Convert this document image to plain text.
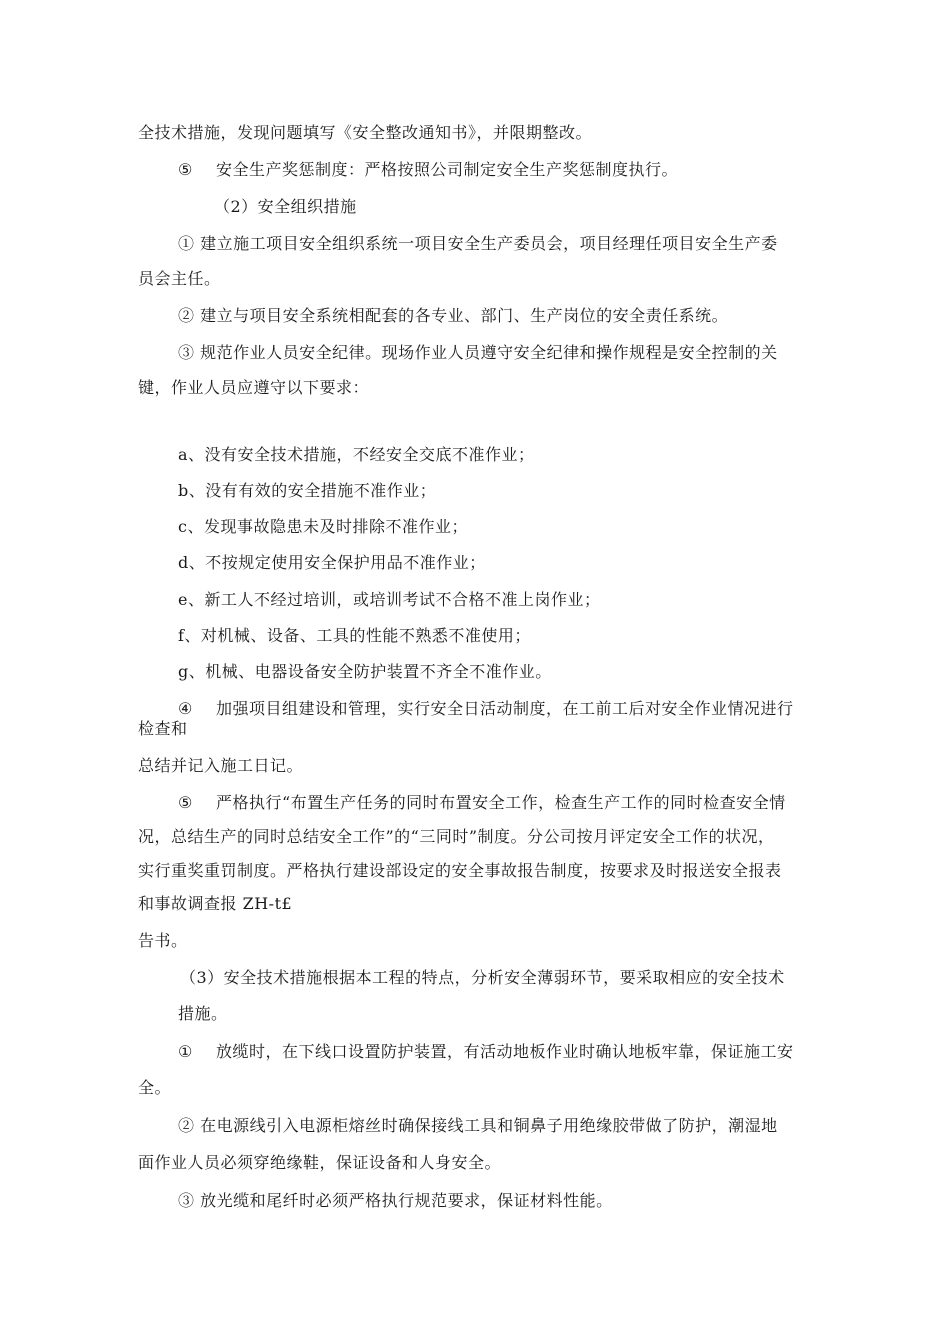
全技术措施，发现问题填写《安全整改通知书》，并限期整改。
⑤ 安全生产奖惩制度：严格按照公司制定安全生产奖惩制度执行。
（2）安全组织措施
① 建立施工项目安全组织系统一项目安全生产委员会，项目经理任项目安全生产委
员会主任。
② 建立与项目安全系统相配套的各专业、部门、生产岗位的安全责任系统。
③ 规范作业人员安全纪律。现场作业人员遵守安全纪律和操作规程是安全控制的关
键，作业人员应遵守以下要求：
a、没有安全技术措施，不经安全交底不准作业；
b、没有有效的安全措施不准作业；
c、发现事故隐患未及时排除不准作业；
d、不按规定使用安全保护用品不准作业；
e、新工人不经过培训，或培训考试不合格不准上岗作业；
f、对机械、设备、工具的性能不熟悉不准使用；
g、机械、电器设备安全防护装置不齐全不准作业。
④ 加强项目组建设和管理，实行安全日活动制度，在工前工后对安全作业情况进行
检查和
总结并记入施工日记。
⑤ 严格执行“布置生产任务的同时布置安全工作，检查生产工作的同时检查安全情
况，总结生产的同时总结安全工作”的“三同时”制度。分公司按月评定安全工作的状况，
实行重奖重罚制度。严格执行建设部设定的安全事故报告制度，按要求及时报送安全报表
和事故调查报 ZH-t£
告书。
（3）安全技术措施根据本工程的特点，分析安全薄弱环节，要采取相应的安全技术
措施。
① 放缆时，在下线口设置防护装置，有活动地板作业时确认地板牢靠，保证施工安
全。
② 在电源线引入电源柜熔丝时确保接线工具和铜鼻子用绝缘胶带做了防护，潮湿地
面作业人员必须穿绝缘鞋，保证设备和人身安全。
③ 放光缆和尾纤时必须严格执行规范要求，保证材料性能。
